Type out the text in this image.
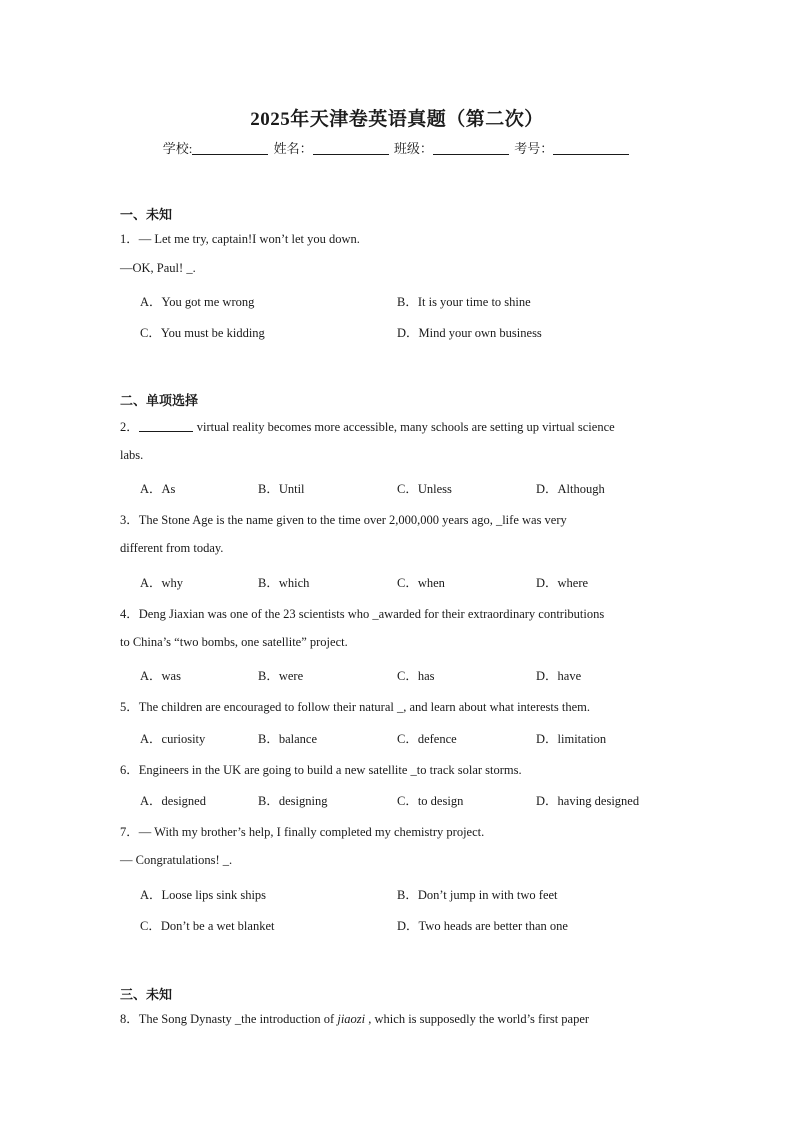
2025年天津卷英语真题（第二次）
学校:	姓名：	班级：	考号：
一、未知
1．— Let me try, captain!I won’t let you down.
—OK, Paul! _.
A．You got me wrong	B．It is your time to shine
C．You must be kidding	D．Mind your own business
二、单项选择
2．	virtual reality becomes more accessible, many schools are setting up virtual science
labs.
A．As	B．Until	C．Unless	D．Although
3．The Stone Age is the name given to the time over 2,000,000 years ago, _life was very
different from today.
A．why	B．which	C．when	D．where
4．Deng Jiaxian was one of the 23 scientists who _awarded for their extraordinary contributions
to China’s “two bombs, one satellite” project.
A．was	B．were	C．has	D．have
5．The children are encouraged to follow their natural _, and learn about what interests them.
A．curiosity	B．balance	C．defence	D．limitation
6．Engineers in the UK are going to build a new satellite _to track solar storms.
A．designed	B．designing	C．to design	D．having designed
7．— With my brother’s help, I finally completed my chemistry project.
— Congratulations! _.
A．Loose lips sink ships	B．Don’t jump in with two feet
C．Don’t be a wet blanket	D．Two heads are better than one
三、未知
8．The Song Dynasty _the introduction of jiaozi , which is supposedly the world’s first paper
